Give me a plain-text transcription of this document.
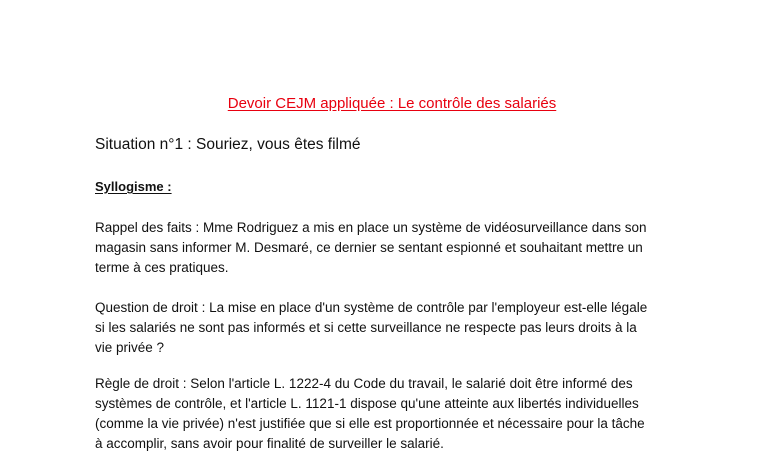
Devoir CEJM appliquée : Le contrôle des salariés
Situation n°1 : Souriez, vous êtes filmé
Syllogisme :
Rappel des faits : Mme Rodriguez a mis en place un système de vidéosurveillance dans son
magasin sans informer M. Desmaré, ce dernier se sentant espionné et souhaitant mettre un
terme à ces pratiques.
Question de droit : La mise en place d'un système de contrôle par l'employeur est-elle légale
si les salariés ne sont pas informés et si cette surveillance ne respecte pas leurs droits à la
vie privée ?
Règle de droit : Selon l'article L. 1222-4 du Code du travail, le salarié doit être informé des
systèmes de contrôle, et l'article L. 1121-1 dispose qu'une atteinte aux libertés individuelles
(comme la vie privée) n'est justifiée que si elle est proportionnée et nécessaire pour la tâche
à accomplir, sans avoir pour finalité de surveiller le salarié.
